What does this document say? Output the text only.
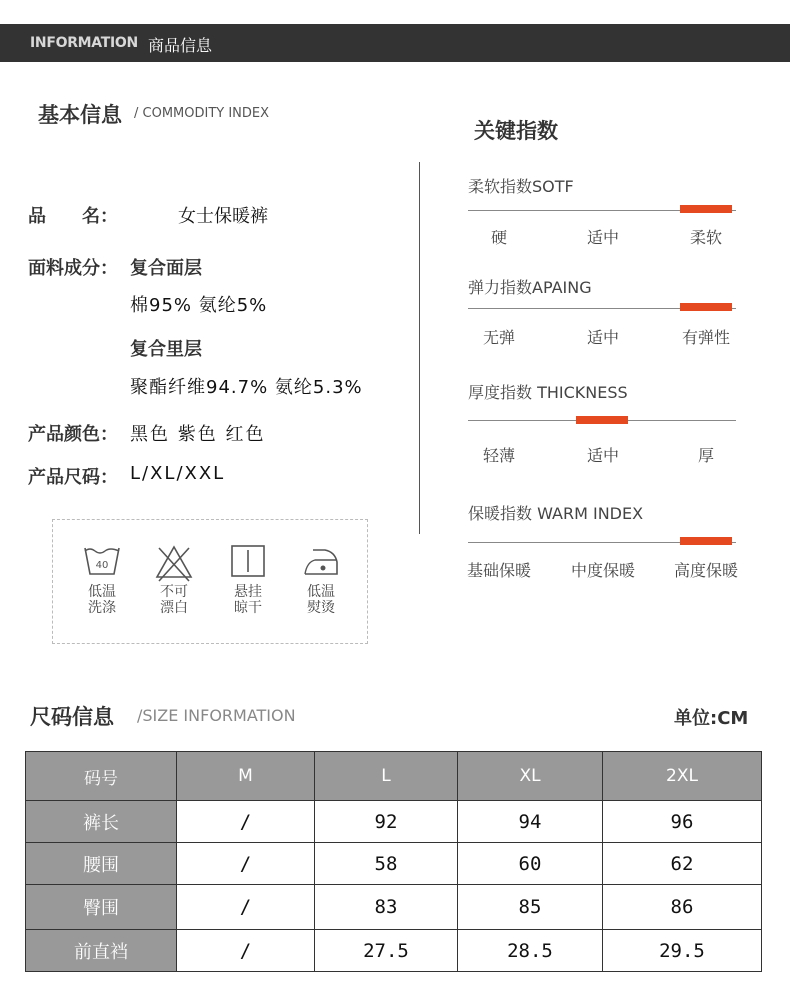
INFORMATION 商品信息
基本信息 / COMMODITY INDEX
品　　名：	女士保暖裤
面料成分： 复合面层
棉95% 氨纶5%
复合里层
聚酯纤维94.7% 氨纶5.3%
产品颜色： 黑色 紫色 红色
产品尺码： L/XL/XXL
40
低温
洗涤
不可
漂白
悬挂
晾干
低温
熨烫
关键指数
柔软指数SOTF
硬	适中	柔软
弹力指数APAING
无弹	适中	有弹性
厚度指数 THICKNESS
轻薄	适中	厚
保暖指数 WARM INDEX
基础保暖	中度保暖	高度保暖
尺码信息 /SIZE INFORMATION	单位:CM
码号	M	L	XL	2XL
裤长	/	92	94	96
腰围	/	58	60	62
臀围	/	83	85	86
前直裆	/	27.5	28.5	29.5
